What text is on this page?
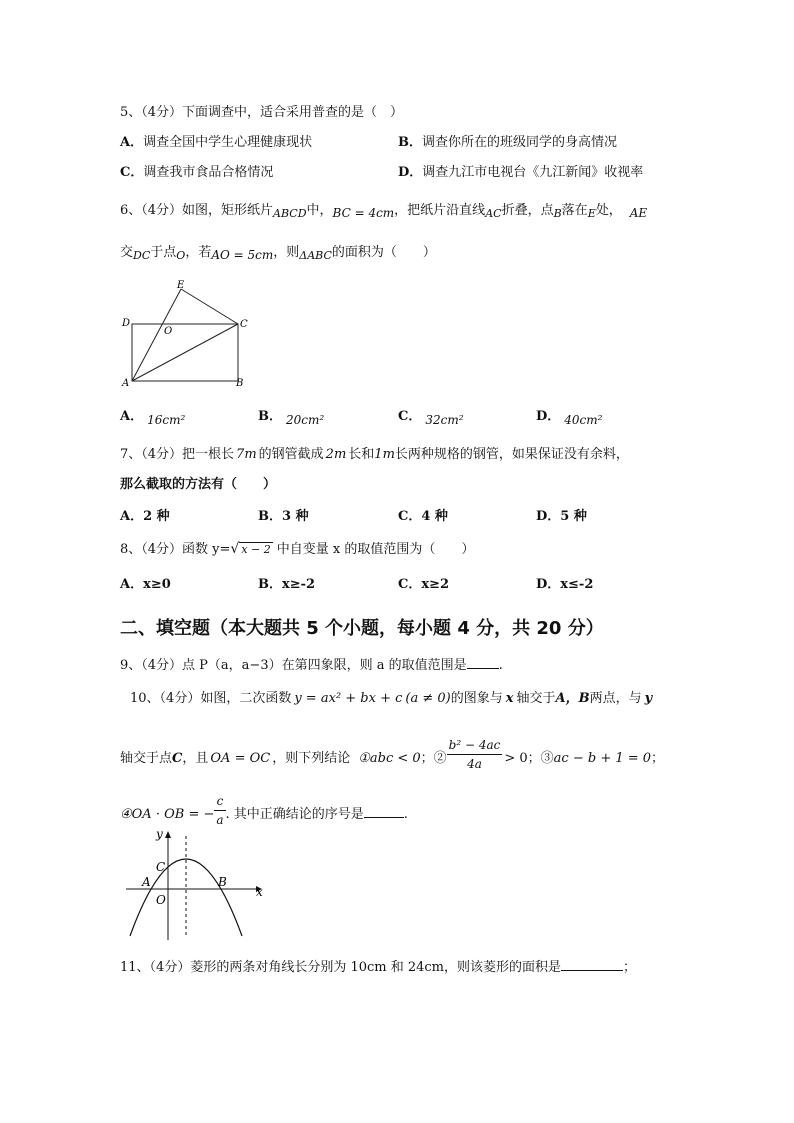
5、（4分）下面调查中，适合采用普查的是（　）
A．调查全国中学生心理健康现状	B．调查你所在的班级同学的身高情况
C．调查我市食品合格情况	D．调查九江市电视台《九江新闻》收视率
6、（4分）如图，矩形纸片$_{ABCD}$中，BC = 4cm，把纸片沿直线$_{AC}$折叠，点$_B$落在$_E$处， AE
交$_{DC}$于点$_O$，若AO = 5cm，则$_{\Delta ABC}$的面积为（　　）
E
D
O
C
A	B
A． 16cm²	B． 20cm²	C． 32cm²	D． 40cm²
7、（4分）把一根长 7m 的钢管截成 2m 长和1m长两种规格的钢管，如果保证没有余料，
那么截取的方法有（　　）
A．2 种	B．3 种	C．4 种	D．5 种
8、（4分）函数 y=√ x − 2 中自变量 x 的取值范围为（　　）
A．x≥0	B．x≥-2	C．x≥2	D．x≤-2
二、填空题（本大题共 5 个小题，每小题 4 分，共 20 分）
9、（4分）点 P（a，a−3）在第四象限，则 a 的取值范围是 .
10、（4分）如图，二次函数 y = ax² + bx + c (a ≠ 0)的图象与 x 轴交于A，B两点，与 y
轴交于点C，且 OA = OC ，则下列结论 ①abc < 0；② $\frac{\text{b² − 4ac}}{4a} > 0$；③ac − b + 1 = 0；
④OA · OB = − $\frac{c}{a}$ . 其中正确结论的序号是	.
y
x
C
A
O
B
11、（4分）菱形的两条对角线长分别为 10cm 和 24cm，则该菱形的面积是	；
